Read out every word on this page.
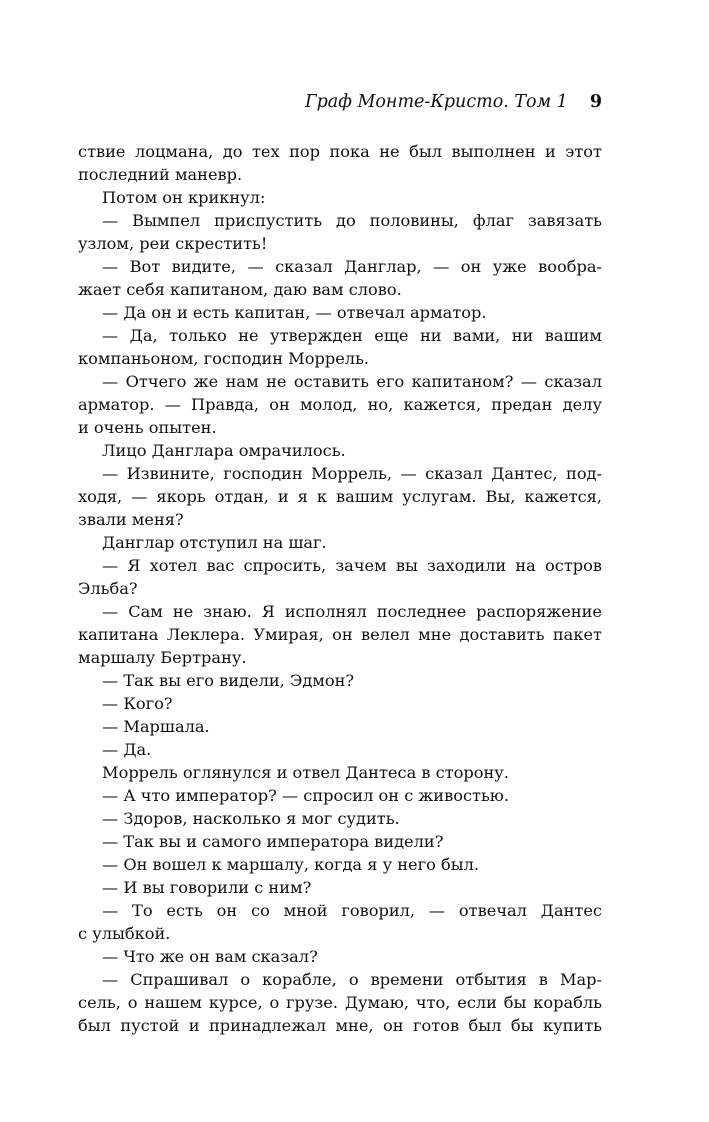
Граф Монте-Кристо. Том 1 9
ствие лоцмана, до тех пор пока не был выполнен и этот
последний маневр.
Потом он крикнул:
— Вымпел приспустить до половины, флаг завязать
узлом, реи скрестить!
— Вот видите, — сказал Данглар, — он уже вообра-
жает себя капитаном, даю вам слово.
— Да он и есть капитан, — отвечал арматор.
— Да, только не утвержден еще ни вами, ни вашим
компаньоном, господин Моррель.
— Отчего же нам не оставить его капитаном? — сказал
арматор. — Правда, он молод, но, кажется, предан делу
и очень опытен.
Лицо Данглара омрачилось.
— Извините, господин Моррель, — сказал Дантес, под-
ходя, — якорь отдан, и я к вашим услугам. Вы, кажется,
звали меня?
Данглар отступил на шаг.
— Я хотел вас спросить, зачем вы заходили на остров
Эльба?
— Сам не знаю. Я исполнял последнее распоряжение
капитана Леклера. Умирая, он велел мне доставить пакет
маршалу Бертрану.
— Так вы его видели, Эдмон?
— Кого?
— Маршала.
— Да.
Моррель оглянулся и отвел Дантеса в сторону.
— А что император? — спросил он с живостью.
— Здоров, насколько я мог судить.
— Так вы и самого императора видели?
— Он вошел к маршалу, когда я у него был.
— И вы говорили с ним?
— То есть он со мной говорил, — отвечал Дантес
с улыбкой.
— Что же он вам сказал?
— Спрашивал о корабле, о времени отбытия в Мар-
сель, о нашем курсе, о грузе. Думаю, что, если бы корабль
был пустой и принадлежал мне, он готов был бы купить
